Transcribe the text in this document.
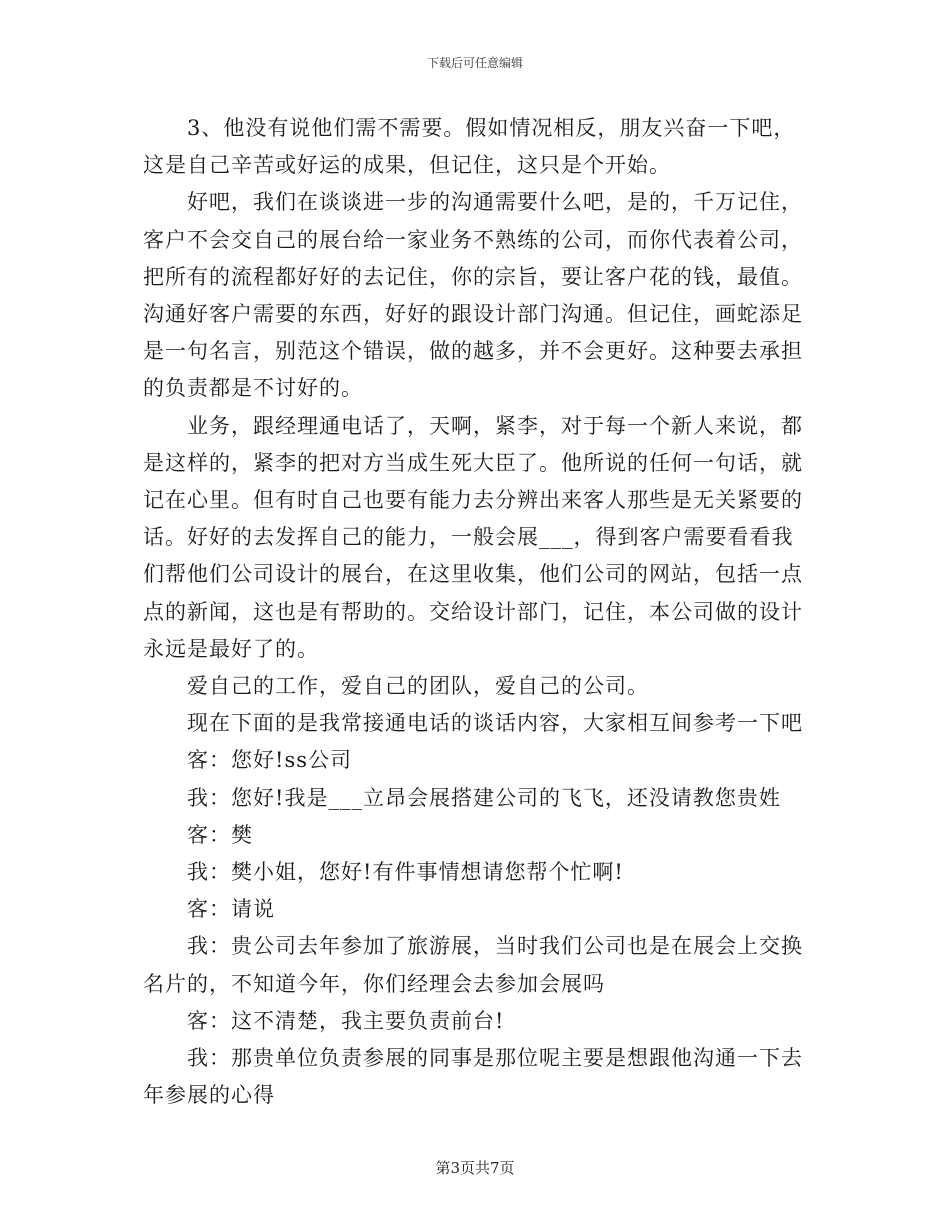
下载后可任意编辑

3、他没有说他们需不需要。假如情况相反，朋友兴奋一下吧，这是自己辛苦或好运的成果，但记住，这只是个开始。

好吧，我们在谈谈进一步的沟通需要什么吧，是的，千万记住，客户不会交自己的展台给一家业务不熟练的公司，而你代表着公司，把所有的流程都好好的去记住，你的宗旨，要让客户花的钱，最值。沟通好客户需要的东西，好好的跟设计部门沟通。但记住，画蛇添足是一句名言，别范这个错误，做的越多，并不会更好。这种要去承担的负责都是不讨好的。

业务，跟经理通电话了，天啊，紧李，对于每一个新人来说，都是这样的，紧李的把对方当成生死大臣了。他所说的任何一句话，就记在心里。但有时自己也要有能力去分辨出来客人那些是无关紧要的话。好好的去发挥自己的能力，一般会展___，得到客户需要看看我们帮他们公司设计的展台，在这里收集，他们公司的网站，包括一点点的新闻，这也是有帮助的。交给设计部门，记住，本公司做的设计永远是最好了的。

爱自己的工作，爱自己的团队，爱自己的公司。

现在下面的是我常接通电话的谈话内容，大家相互间参考一下吧

客：您好!ss公司

我：您好!我是___立昂会展搭建公司的飞飞，还没请教您贵姓

客：樊

我：樊小姐，您好!有件事情想请您帮个忙啊!

客：请说

我：贵公司去年参加了旅游展，当时我们公司也是在展会上交换名片的，不知道今年，你们经理会去参加会展吗

客：这不清楚，我主要负责前台!

我：那贵单位负责参展的同事是那位呢主要是想跟他沟通一下去年参展的心得

第3页共7页
